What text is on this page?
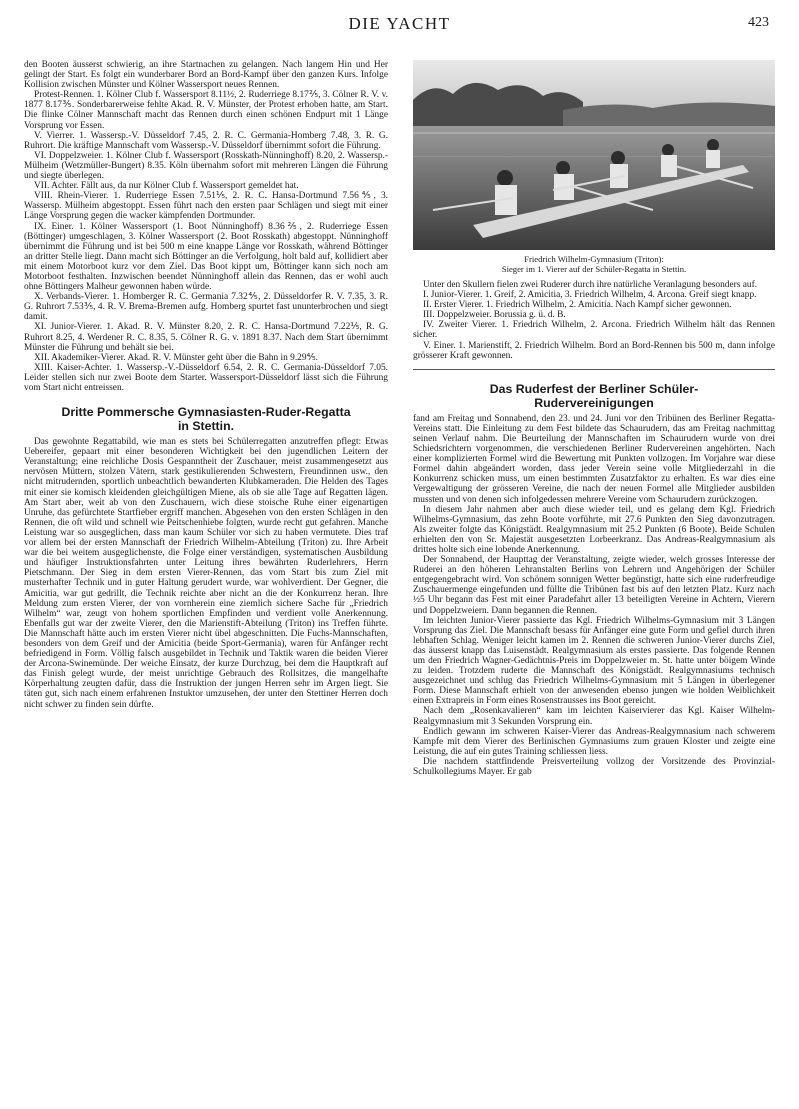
DIE YACHT	423

den Booten äusserst schwierig, an ihre Startnachen zu gelangen. Nach langem Hin und Her gelingt der Start. Es folgt ein wunderbarer Bord an Bord-Kampf über den ganzen Kurs. Infolge Kollision zwischen Münster und Kölner Wassersport neues Rennen.

Protest-Rennen. 1. Kölner Club f. Wassersport 8.11½, 2. Ruderriege 8.17⅖, 3. Cölner R. V. v. 1877 8.17⅗. Sonderbarerweise fehlte Akad. R. V. Münster, der Protest erhoben hatte, am Start. Die flinke Cölner Mannschaft macht das Rennen durch einen schönen Endpurt mit 1 Länge Vorsprung vor Essen.

V. Vierrer. 1. Wassersp.-V. Düsseldorf 7.45, 2. R. C. Germania-Homberg 7.48, 3. R. G. Ruhrort. Die kräftige Mannschaft vom Wassersp.-V. Düsseldorf übernimmt sofort die Führung.

VI. Doppelzweier. 1. Kölner Club f. Wassersport (Rosskath-Nünninghoff) 8.20, 2. Wassersp.-Mülheim (Wetzmüller-Bungert) 8.35. Köln übernahm sofort mit mehreren Längen die Führung und siegte überlegen.

VII. Achter. Fällt aus, da nur Kölner Club f. Wassersport gemeldet hat.

VIII. Rhein-Vierer. 1. Ruderriege Essen 7.51⅕, 2. R. C. Hansa-Dortmund 7.56⅘, 3. Wassersp. Mülheim abgestoppt. Essen führt nach den ersten paar Schlägen und siegt mit einer Länge Vorsprung gegen die wacker kämpfenden Dortmunder.

IX. Einer. 1. Kölner Wassersport (1. Boot Nünninghoff) 8.36⅖, 2. Ruderriege Essen (Böttinger) umgeschlagen, 3. Kölner Wassersport (2. Boot Rosskath) abgestoppt. Nünninghoff übernimmt die Führung und ist bei 500 m eine knappe Länge vor Rosskath, während Böttinger an dritter Stelle liegt. Dann macht sich Böttinger an die Verfolgung, holt bald auf, kollidiert aber mit einem Motorboot kurz vor dem Ziel. Das Boot kippt um, Böttinger kann sich noch am Motorboot festhalten. Inzwischen beendet Nünninghoff allein das Rennen, das er wohl auch ohne Böttingers Malheur gewonnen haben würde.

X. Verbands-Vierer. 1. Homberger R. C. Germania 7.32⅘, 2. Düsseldorfer R. V. 7.35, 3. R. G. Ruhrort 7.53⅗, 4. R. V. Brema-Bremen aufg. Homberg spurtet fast ununterbrochen und siegt damit.

XI. Junior-Vierer. 1. Akad. R. V. Münster 8.20, 2. R. C. Hansa-Dortmund 7.22⅕, R. G. Ruhrort 8.25, 4. Werdener R. C. 8.35, 5. Cölner R. G. v. 1891 8.37. Nach dem Start übernimmt Münster die Führung und behält sie bei.

XII. Akademiker-Vierer. Akad. R. V. Münster geht über die Bahn in 9.29⅘.

XIII. Kaiser-Achter. 1. Wassersp.-V.-Düsseldorf 6.54, 2. R. C. Germania-Düsseldorf 7.05. Leider stellen sich nur zwei Boote dem Starter. Wassersport-Düsseldorf lässt sich die Führung vom Start nicht entreissen.

Dritte Pommersche Gymnasiasten-Ruder-Regatta
in Stettin.

Das gewohnte Regattabild, wie man es stets bei Schülerregatten anzutreffen pflegt: Etwas Uebereifer, gepaart mit einer besonderen Wichtigkeit bei den jugendlichen Leitern der Veranstaltung; eine reichliche Dosis Gespanntheit der Zuschauer, meist zusammengesetzt aus nervösen Müttern, stolzen Vätern, stark gestikulierenden Schwestern, Freundinnen usw., den nicht mitrudernden, sportlich unbeachtlich bewanderten Klubkameraden. Die Helden des Tages mit einer sie komisch kleidenden gleichgültigen Miene, als ob sie alle Tage auf Regatten lägen. Am Start aber, weit ab von den Zuschauern, wich diese stoische Ruhe einer eigenartigen Unruhe, das gefürchtete Startfieber ergriff manchen. Abgesehen von den ersten Schlägen in den Rennen, die oft wild und schnell wie Peitschenhiebe folgten, wurde recht gut gefahren. Manche Leistung war so ausgeglichen, dass man kaum Schüler vor sich zu haben vermutete. Dies traf vor allem bei der ersten Mannschaft der Friedrich Wilhelm-Abteilung (Triton) zu. Ihre Arbeit war die bei weitem ausgeglichenste, die Folge einer verständigen, systematischen Ausbildung und häufiger Instruktionsfahrten unter Leitung ihres bewährten Ruderlehrers, Herrn Pietschmann. Der Sieg in dem ersten Vierer-Rennen, das vom Start bis zum Ziel mit musterhafter Technik und in guter Haltung gerudert wurde, war wohlverdient. Der Gegner, die Amicitia, war gut gedrillt, die Technik reichte aber nicht an die der Konkurrenz heran. Ihre Meldung zum ersten Vierer, der von vornherein eine ziemlich sichere Sache für „Friedrich Wilhelm“ war, zeugt von hohem sportlichen Empfinden und verdient volle Anerkennung. Ebenfalls gut war der zweite Vierer, den die Marienstift-Abteilung (Triton) ins Treffen führte. Die Mannschaft hätte auch im ersten Vierer nicht übel abgeschnitten. Die Fuchs-Mannschaften, besonders von dem Greif und der Amicitia (beide Sport-Germania), waren für Anfänger recht befriedigend in Form. Völlig falsch ausgebildet in Technik und Taktik waren die beiden Vierer der Arcona-Swinemünde. Der weiche Einsatz, der kurze Durchzug, bei dem die Hauptkraft auf das Finish gelegt wurde, der meist unrichtige Gebrauch des Rollsitzes, die mangelhafte Körperhaltung zeugten dafür, dass die Instruktion der jungen Herren sehr im Argen liegt. Sie täten gut, sich nach einem erfahrenen Instuktor umzusehen, der unter den Stettiner Herren doch nicht schwer zu finden sein dürfte.

Friedrich Wilhelm-Gymnasium (Triton):
Sieger im 1. Vierer auf der Schüler-Regatta in Stettin.

Unter den Skullern fielen zwei Ruderer durch ihre natürliche Veranlagung besonders auf.

I. Junior-Vierer. 1. Greif, 2. Amicitia, 3. Friedrich Wilhelm, 4. Arcona. Greif siegt knapp.

II. Erster Vierer. 1. Friedrich Wilhelm, 2. Amicitia. Nach Kampf sicher gewonnen.

III. Doppelzweier. Borussia g. ü. d. B.

IV. Zweiter Vierer. 1. Friedrich Wilhelm, 2. Arcona. Friedrich Wilhelm hält das Rennen sicher.

V. Einer. 1. Marienstift, 2. Friedrich Wilhelm. Bord an Bord-Rennen bis 500 m, dann infolge grösserer Kraft gewonnen.

Das Ruderfest der Berliner Schüler-
Rudervereinigungen

fand am Freitag und Sonnabend, den 23. und 24. Juni vor den Tribünen des Berliner Regatta-Vereins statt. Die Einleitung zu dem Fest bildete das Schaurudern, das am Freitag nachmittag seinen Verlauf nahm. Die Beurteilung der Mannschaften im Schaurudern wurde von drei Schiedsrichtern vorgenommen, die verschiedenen Berliner Rudervereinen angehörten. Nach einer komplizierten Formel wird die Bewertung mit Punkten vollzogen. Im Vorjahre war diese Formel dahin abgeändert worden, dass jeder Verein seine volle Mitgliederzahl in die Konkurrenz schicken muss, um einen bestimmten Zusatzfaktor zu erhalten. Es war dies eine Vergewaltigung der grösseren Vereine, die nach der neuen Formel alle Mitglieder ausbilden mussten und von denen sich infolgedessen mehrere Vereine vom Schaurudern zurückzogen.

In diesem Jahr nahmen aber auch diese wieder teil, und es gelang dem Kgl. Friedrich Wilhelms-Gymnasium, das zehn Boote vorführte, mit 27.6 Punkten den Sieg davonzutragen. Als zweiter folgte das Königstädt. Realgymnasium mit 25.2 Punkten (6 Boote). Beide Schulen erhielten den von Sr. Majestät ausgesetzten Lorbeerkranz. Das Andreas-Realgymnasium als drittes holte sich eine lobende Anerkennung.

Der Sonnabend, der Haupttag der Veranstaltung, zeigte wieder, welch grosses Interesse der Ruderei an den höheren Lehranstalten Berlins von Lehrern und Angehörigen der Schüler entgegengebracht wird. Von schönem sonnigen Wetter begünstigt, hatte sich eine ruderfreudige Zuschauermenge eingefunden und füllte die Tribünen fast bis auf den letzten Platz. Kurz nach ½5 Uhr begann das Fest mit einer Paradefahrt aller 13 beteiligten Vereine in Achtern, Vierern und Doppelzweiern. Dann begannen die Rennen.

Im leichten Junior-Vierer passierte das Kgl. Friedrich Wilhelms-Gymnasium mit 3 Längen Vorsprung das Ziel. Die Mannschaft besass für Anfänger eine gute Form und gefiel durch ihren lebhaften Schlag. Weniger leicht kamen im 2. Rennen die schweren Junior-Vierer durchs Ziel, das äusserst knapp das Luisenstädt. Realgymnasium als erstes passierte. Das folgende Rennen um den Friedrich Wagner-Gedächtnis-Preis im Doppelzweier m. St. hatte unter böigem Winde zu leiden. Trotzdem ruderte die Mannschaft des Königstädt. Realgymnasiums technisch ausgezeichnet und schlug das Friedrich Wilhelms-Gymnasium mit 5 Längen in überlegener Form. Diese Mannschaft erhielt von der anwesenden ebenso jungen wie holden Weiblichkeit einen Extrapreis in Form eines Rosenstrausses ins Boot gereicht.

Nach dem „Rosenkavalieren“ kam im leichten Kaiservierer das Kgl. Kaiser Wilhelm-Realgymnasium mit 3 Sekunden Vorsprung ein.

Endlich gewann im schweren Kaiser-Vierer das Andreas-Realgymnasium nach schwerem Kampfe mit dem Vierer des Berlinischen Gymnasiums zum grauen Kloster und zeigte eine Leistung, die auf ein gutes Training schliessen liess.

Die nachdem stattfindende Preisverteilung vollzog der Vorsitzende des Provinzial-Schulkollegiums Mayer. Er gab
